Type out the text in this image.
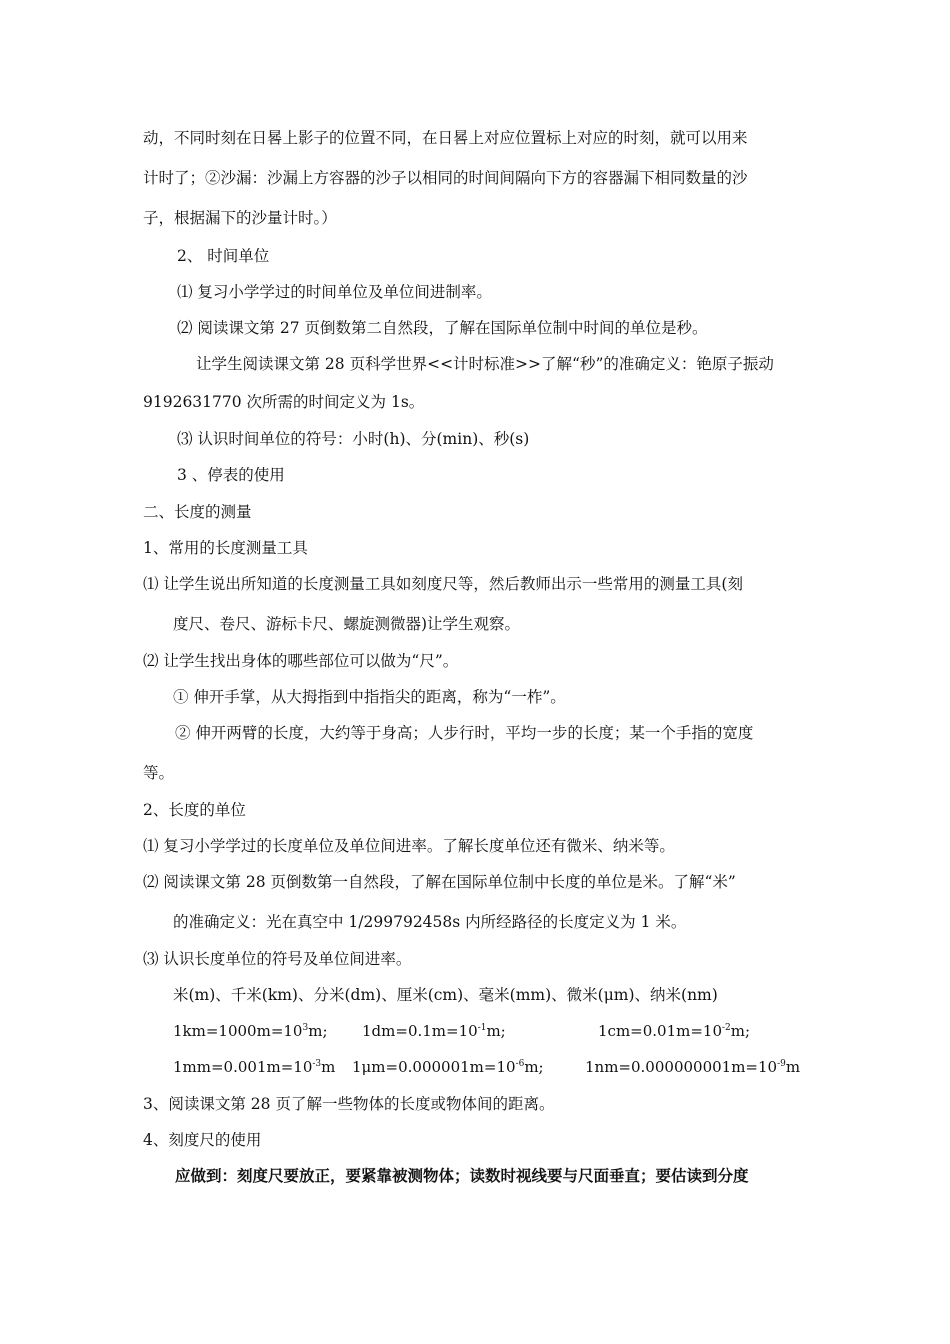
动，不同时刻在日晷上影子的位置不同，在日晷上对应位置标上对应的时刻，就可以用来
计时了；②沙漏：沙漏上方容器的沙子以相同的时间间隔向下方的容器漏下相同数量的沙
子，根据漏下的沙量计时。）
2、 时间单位
⑴ 复习小学学过的时间单位及单位间进制率。
⑵ 阅读课文第 27 页倒数第二自然段，了解在国际单位制中时间的单位是秒。
让学生阅读课文第 28 页科学世界<<计时标准>>了解“秒”的准确定义：铯原子振动
9192631770 次所需的时间定义为 1s。
⑶ 认识时间单位的符号：小时(h)、分(min)、秒(s)
3 、停表的使用
二、长度的测量
1、常用的长度测量工具
⑴ 让学生说出所知道的长度测量工具如刻度尺等，然后教师出示一些常用的测量工具(刻
度尺、卷尺、游标卡尺、螺旋测微器)让学生观察。
⑵ 让学生找出身体的哪些部位可以做为“尺”。
① 伸开手掌，从大拇指到中指指尖的距离，称为“一柞”。
② 伸开两臂的长度，大约等于身高；人步行时，平均一步的长度；某一个手指的宽度
等。
2、长度的单位
⑴ 复习小学学过的长度单位及单位间进率。了解长度单位还有微米、纳米等。
⑵ 阅读课文第 28 页倒数第一自然段，了解在国际单位制中长度的单位是米。了解“米”
的准确定义：光在真空中 1/299792458s 内所经路径的长度定义为 1 米。
⑶ 认识长度单位的符号及单位间进率。
米(m)、千米(km)、分米(dm)、厘米(cm)、毫米(mm)、微米(μm)、纳米(nm)
$1km=1000m=10^3m$; $1dm=0.1m=10^{-1}m$;	$1cm=0.01m=10^{-2}m$;
$1mm=0.001m=10^{-3}m$ $1\mu m=0.000001m=10^{-6}m$;	$1nm=0.000000001m=10^{-9}m$
3、阅读课文第 28 页了解一些物体的长度或物体间的距离。
4、刻度尺的使用
应做到：刻度尺要放正，要紧靠被测物体；读数时视线要与尺面垂直；要估读到分度
